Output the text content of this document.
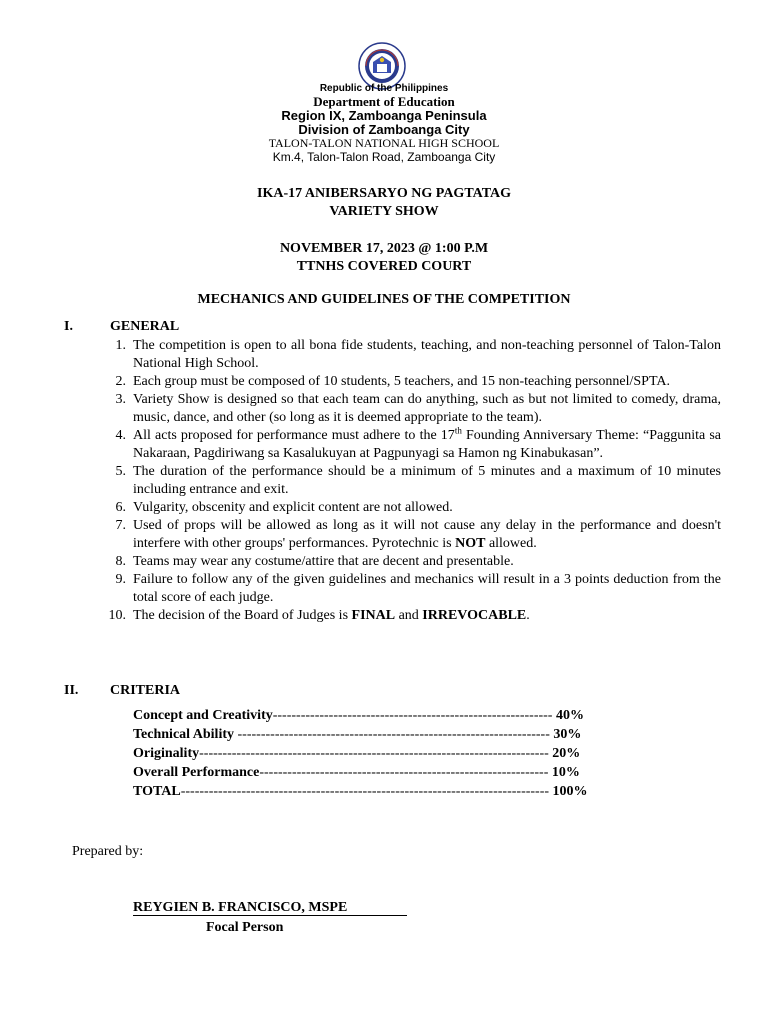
Republic of the Philippines
Department of Education
Region IX, Zamboanga Peninsula
Division of Zamboanga City
TALON-TALON NATIONAL HIGH SCHOOL
Km.4, Talon-Talon Road, Zamboanga City
IKA-17 ANIBERSARYO NG PAGTATAG
VARIETY SHOW
NOVEMBER 17, 2023 @ 1:00 P.M
TTNHS COVERED COURT
MECHANICS AND GUIDELINES OF THE COMPETITION
I.	GENERAL
1. The competition is open to all bona fide students, teaching, and non-teaching personnel of Talon-Talon National High School.
2. Each group must be composed of 10 students, 5 teachers, and 15 non-teaching personnel/SPTA.
3. Variety Show is designed so that each team can do anything, such as but not limited to comedy, drama, music, dance, and other (so long as it is deemed appropriate to the team).
4. All acts proposed for performance must adhere to the 17th Founding Anniversary Theme: “Paggunita sa Nakaraan, Pagdiriwang sa Kasalukuyan at Pagpunyagi sa Hamon ng Kinabukasan”.
5. The duration of the performance should be a minimum of 5 minutes and a maximum of 10 minutes including entrance and exit.
6. Vulgarity, obscenity and explicit content are not allowed.
7. Used of props will be allowed as long as it will not cause any delay in the performance and doesn't interfere with other groups' performances. Pyrotechnic is NOT allowed.
8. Teams may wear any costume/attire that are decent and presentable.
9. Failure to follow any of the given guidelines and mechanics will result in a 3 points deduction from the total score of each judge.
10. The decision of the Board of Judges is FINAL and IRREVOCABLE.
II. CRITERIA
Concept and Creativity------------------------------------------------------------ 40%
Technical Ability ------------------------------------------------------------------- 30%
Originality--------------------------------------------------------------------------- 20%
Overall Performance-------------------------------------------------------------- 10%
TOTAL------------------------------------------------------------------------------- 100%
Prepared by:
REYGIEN B. FRANCISCO, MSPE
Focal Person
